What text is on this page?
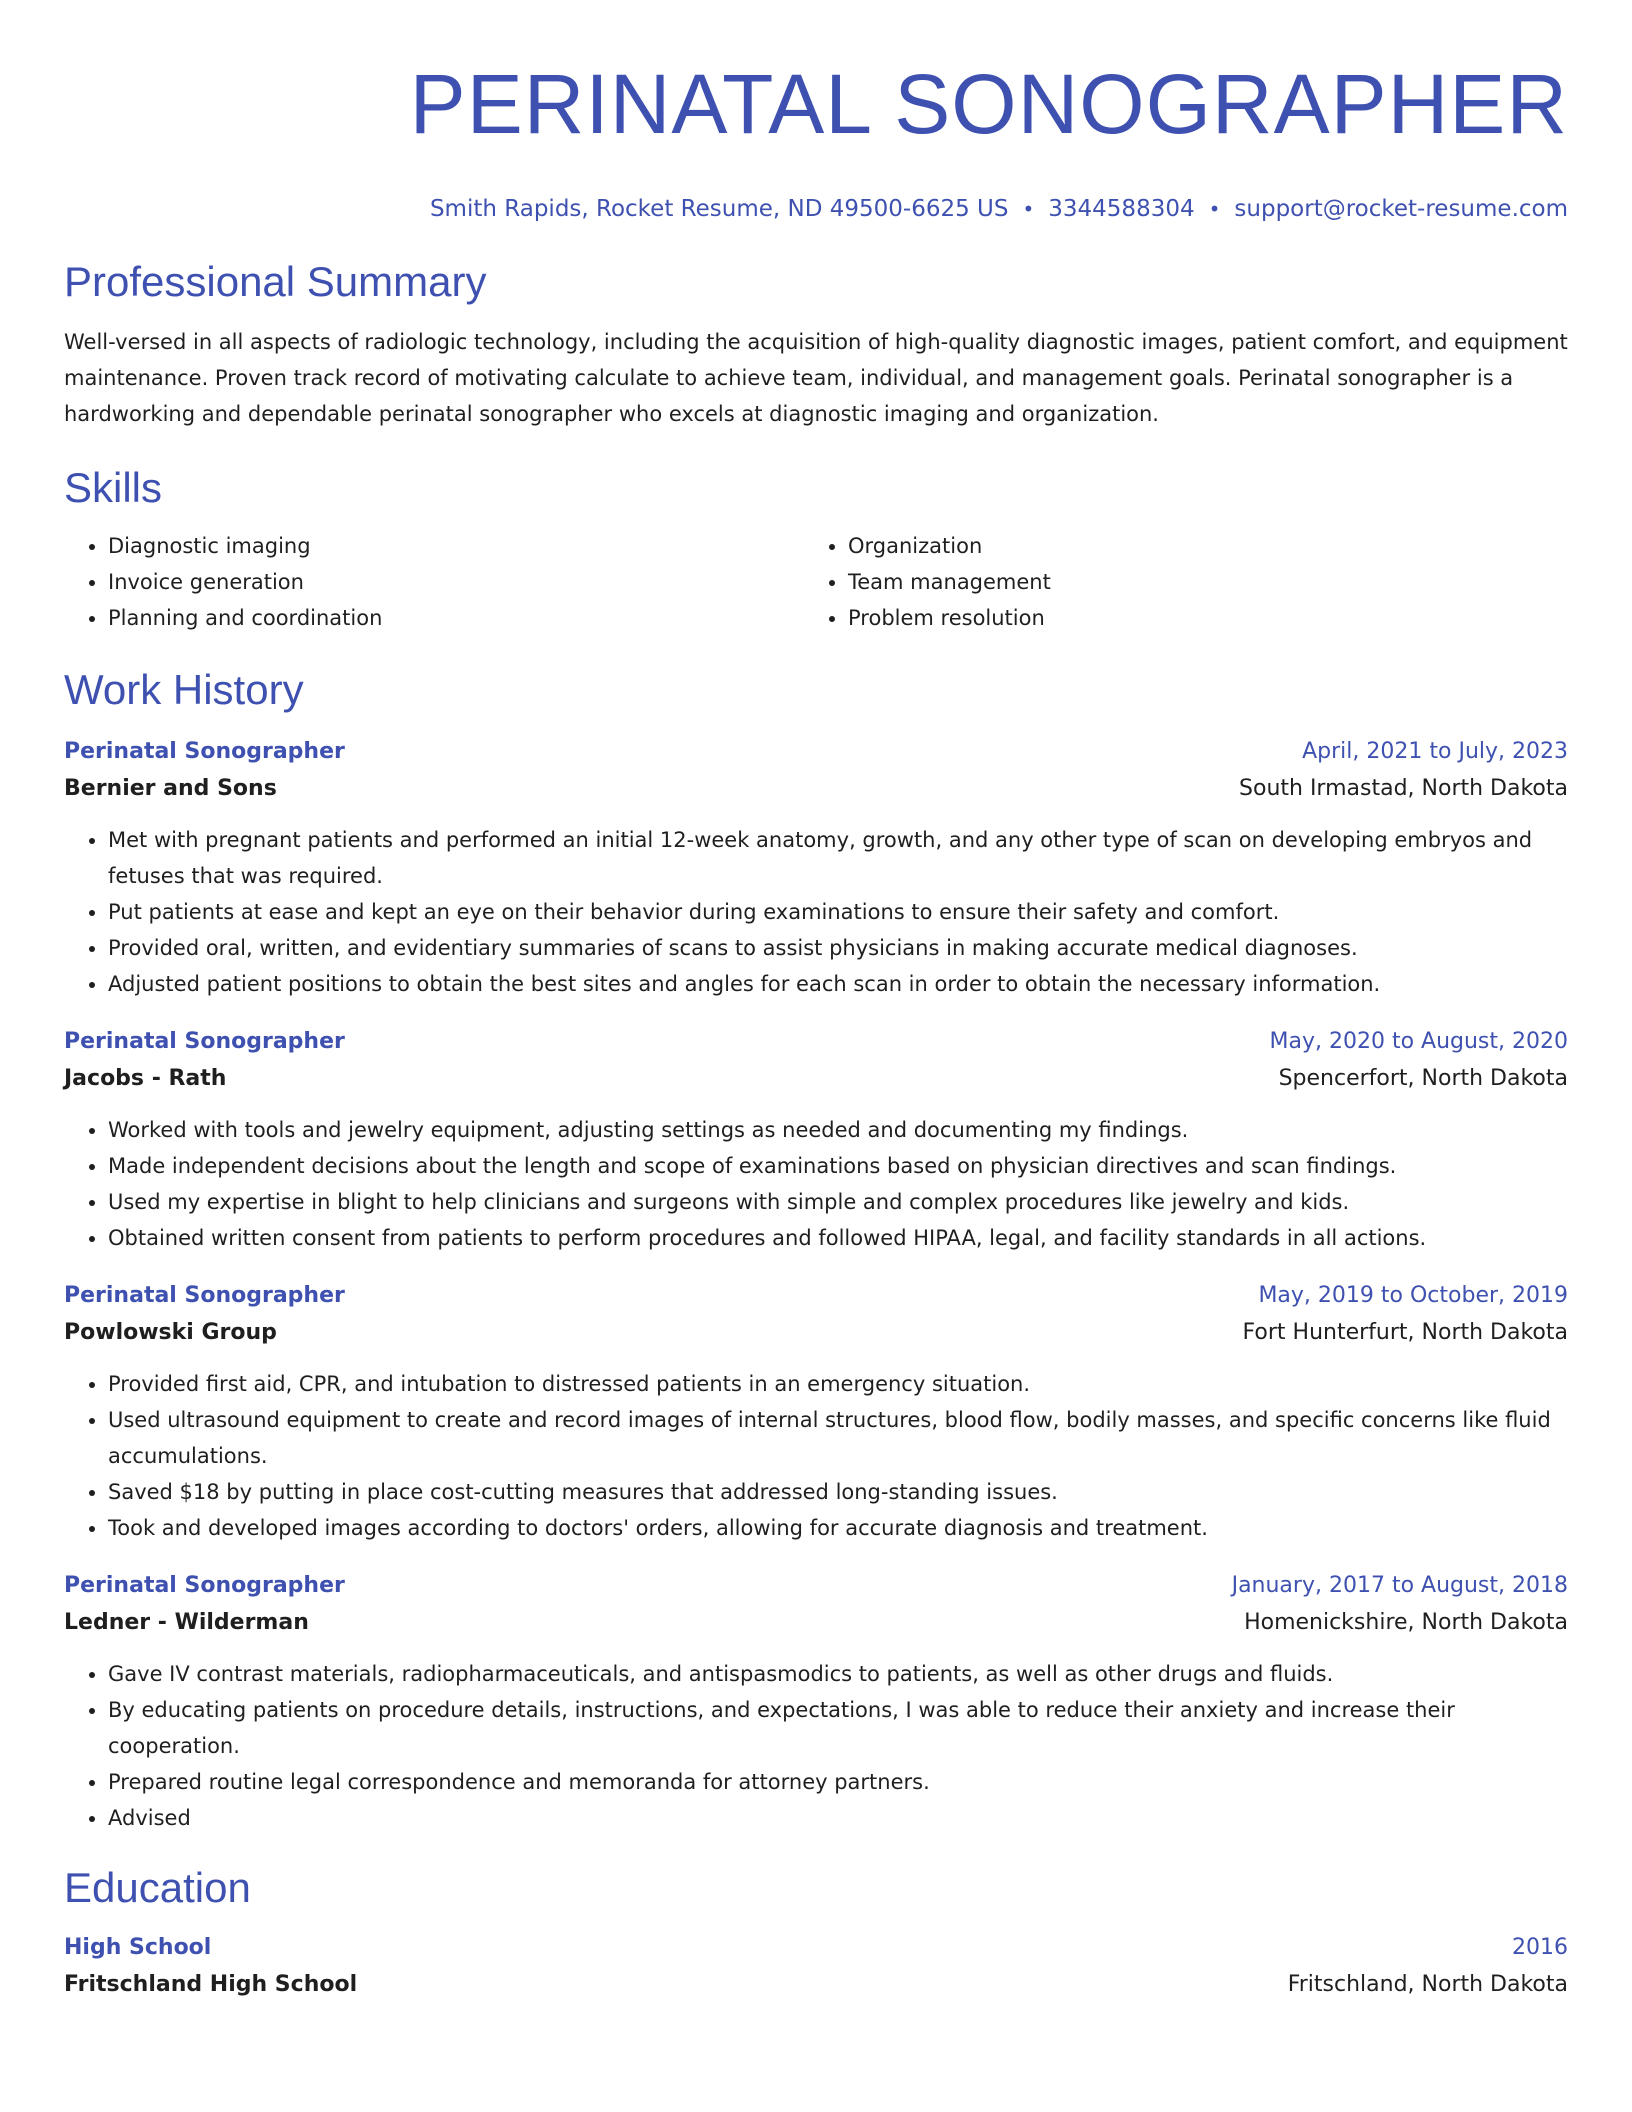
PERINATAL SONOGRAPHER
Smith Rapids, Rocket Resume, ND 49500-6625 US • 3344588304 • support@rocket-resume.com
Professional Summary
Well-versed in all aspects of radiologic technology, including the acquisition of high-quality diagnostic images, patient comfort, and equipment maintenance. Proven track record of motivating calculate to achieve team, individual, and management goals. Perinatal sonographer is a hardworking and dependable perinatal sonographer who excels at diagnostic imaging and organization.
Skills
• Diagnostic imaging
• Invoice generation
• Planning and coordination
• Organization
• Team management
• Problem resolution
Work History
Perinatal Sonographer	April, 2021 to July, 2023
Bernier and Sons	South Irmastad, North Dakota
• Met with pregnant patients and performed an initial 12-week anatomy, growth, and any other type of scan on developing embryos and fetuses that was required.
• Put patients at ease and kept an eye on their behavior during examinations to ensure their safety and comfort.
• Provided oral, written, and evidentiary summaries of scans to assist physicians in making accurate medical diagnoses.
• Adjusted patient positions to obtain the best sites and angles for each scan in order to obtain the necessary information.
Perinatal Sonographer	May, 2020 to August, 2020
Jacobs - Rath	Spencerfort, North Dakota
• Worked with tools and jewelry equipment, adjusting settings as needed and documenting my findings.
• Made independent decisions about the length and scope of examinations based on physician directives and scan findings.
• Used my expertise in blight to help clinicians and surgeons with simple and complex procedures like jewelry and kids.
• Obtained written consent from patients to perform procedures and followed HIPAA, legal, and facility standards in all actions.
Perinatal Sonographer	May, 2019 to October, 2019
Powlowski Group	Fort Hunterfurt, North Dakota
• Provided first aid, CPR, and intubation to distressed patients in an emergency situation.
• Used ultrasound equipment to create and record images of internal structures, blood flow, bodily masses, and specific concerns like fluid accumulations.
• Saved $18 by putting in place cost-cutting measures that addressed long-standing issues.
• Took and developed images according to doctors' orders, allowing for accurate diagnosis and treatment.
Perinatal Sonographer	January, 2017 to August, 2018
Ledner - Wilderman	Homenickshire, North Dakota
• Gave IV contrast materials, radiopharmaceuticals, and antispasmodics to patients, as well as other drugs and fluids.
• By educating patients on procedure details, instructions, and expectations, I was able to reduce their anxiety and increase their cooperation.
• Prepared routine legal correspondence and memoranda for attorney partners.
• Advised
Education
High School	2016
Fritschland High School	Fritschland, North Dakota
